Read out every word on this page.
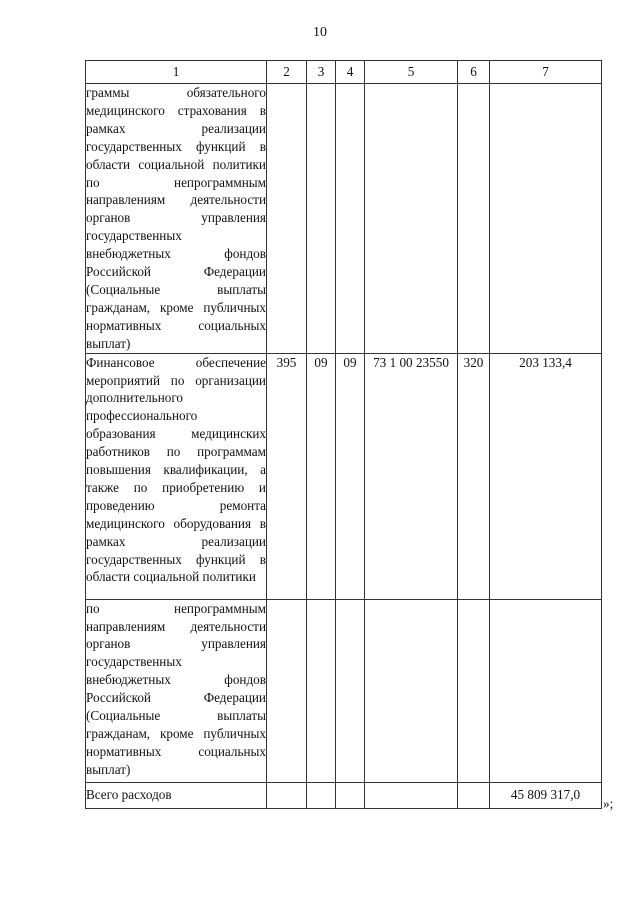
10
1	2	3	4	5	6	7
граммы обязательного медицинского страхования в рамках реализации государственных функций в области социальной политики по непрограммным направлениям деятельности органов управления государственных внебюджетных фондов Российской Федерации (Социальные выплаты гражданам, кроме публичных нормативных социальных выплат)						
Финансовое обеспечение мероприятий по организации дополнительного профессионального образования медицинских работников по программам повышения квалификации, а также по приобретению и проведению ремонта медицинского оборудования в рамках реализации государственных функций в области социальной политики	395	09	09	73 1 00 23550	320	203 133,4
по непрограммным направлениям деятельности органов управления государственных внебюджетных фондов Российской Федерации (Социальные выплаты гражданам, кроме публичных нормативных социальных выплат)						
Всего расходов						45 809 317,0
»;
